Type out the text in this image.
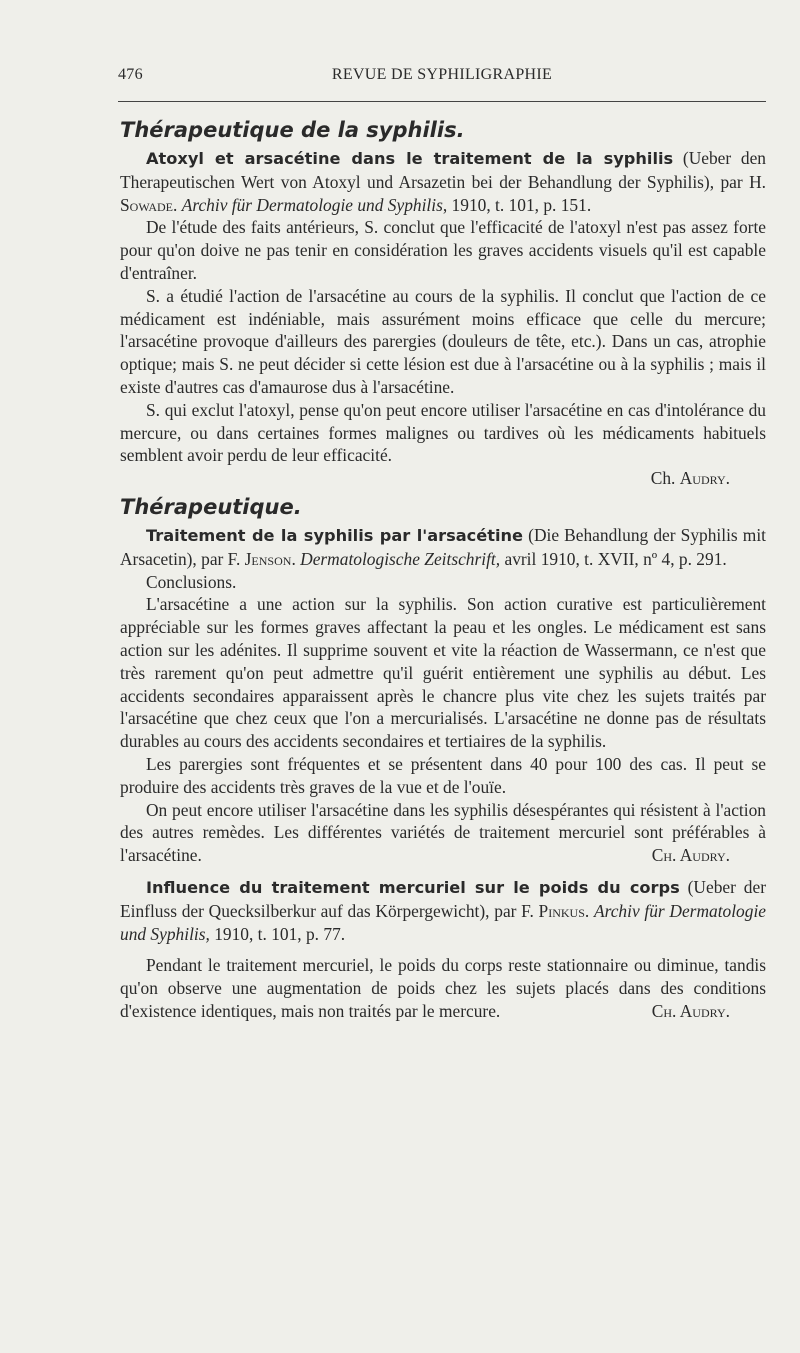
476	REVUE DE SYPHILIGRAPHIE
Thérapeutique de la syphilis.

Atoxyl et arsacétine dans le traitement de la syphilis (Ueber den Therapeutischen Wert von Atoxyl und Arsazetin bei der Behandlung der Syphilis), par H. Sowade. Archiv für Dermatologie und Syphilis, 1910, t. 101, p. 151.

De l'étude des faits antérieurs, S. conclut que l'efficacité de l'atoxyl n'est pas assez forte pour qu'on doive ne pas tenir en considération les graves accidents visuels qu'il est capable d'entraîner.

S. a étudié l'action de l'arsacétine au cours de la syphilis. Il conclut que l'action de ce médicament est indéniable, mais assurément moins efficace que celle du mercure; l'arsacétine provoque d'ailleurs des parergies (douleurs de tête, etc.). Dans un cas, atrophie optique; mais S. ne peut décider si cette lésion est due à l'arsacétine ou à la syphilis ; mais il existe d'autres cas d'amaurose dus à l'arsacétine.

S. qui exclut l'atoxyl, pense qu'on peut encore utiliser l'arsacétine en cas d'intolérance du mercure, ou dans certaines formes malignes ou tardives où les médicaments habituels semblent avoir perdu de leur efficacité.

Ch. Audry.

Thérapeutique.

Traitement de la syphilis par l'arsacétine (Die Behandlung der Syphilis mit Arsacetin), par F. Jenson. Dermatologische Zeitschrift, avril 1910, t. XVII, nº 4, p. 291.

Conclusions.

L'arsacétine a une action sur la syphilis. Son action curative est particulièrement appréciable sur les formes graves affectant la peau et les ongles. Le médicament est sans action sur les adénites. Il supprime souvent et vite la réaction de Wassermann, ce n'est que très rarement qu'on peut admettre qu'il guérit entièrement une syphilis au début. Les accidents secondaires apparaissent après le chancre plus vite chez les sujets traités par l'arsacétine que chez ceux que l'on a mercurialisés. L'arsacétine ne donne pas de résultats durables au cours des accidents secondaires et tertiaires de la syphilis.

Les parergies sont fréquentes et se présentent dans 40 pour 100 des cas. Il peut se produire des accidents très graves de la vue et de l'ouïe.

On peut encore utiliser l'arsacétine dans les syphilis désespérantes qui résistent à l'action des autres remèdes. Les différentes variétés de traitement mercuriel sont préférables à l'arsacétine.	Ch. Audry.

Influence du traitement mercuriel sur le poids du corps (Ueber der Einfluss der Quecksilberkur auf das Körpergewicht), par F. Pinkus. Archiv für Dermatologie und Syphilis, 1910, t. 101, p. 77.

Pendant le traitement mercuriel, le poids du corps reste stationnaire ou diminue, tandis qu'on observe une augmentation de poids chez les sujets placés dans des conditions d'existence identiques, mais non traités par le mercure.	Ch. Audry.
